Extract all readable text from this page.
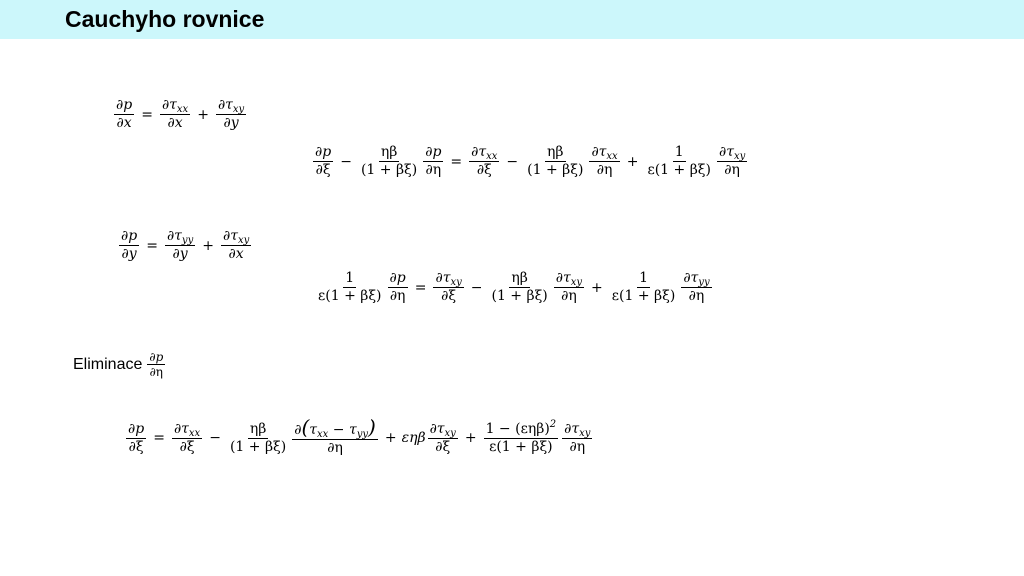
Cauchyho rovnice
$\frac{\partial p}{\partial x} = \frac{\partial\tau_{xx}}{\partial x} + \frac{\partial\tau_{xy}}{\partial y}$
$\frac{\partial p}{\partial\xi} - \frac{\eta\beta}{(1 + \beta\xi)} \frac{\partial p}{\partial\eta} = \frac{\partial\tau_{xx}}{\partial\xi} - \frac{\eta\beta}{(1 + \beta\xi)} \frac{\partial\tau_{xx}}{\partial\eta} + \frac{1}{\varepsilon(1 + \beta\xi)} \frac{\partial\tau_{xy}}{\partial\eta}$
$\frac{\partial p}{\partial y} = \frac{\partial\tau_{yy}}{\partial y} + \frac{\partial\tau_{xy}}{\partial x}$
$\frac{1}{\varepsilon(1 + \beta\xi)} \frac{\partial p}{\partial\eta} = \frac{\partial\tau_{xy}}{\partial\xi} - \frac{\eta\beta}{(1 + \beta\xi)} \frac{\partial\tau_{xy}}{\partial\eta} + \frac{1}{\varepsilon(1 + \beta\xi)} \frac{\partial\tau_{yy}}{\partial\eta}$
Eliminace $\frac{\partial p}{\partial\eta}$
$\frac{\partial p}{\partial\xi} = \frac{\partial\tau_{xx}}{\partial\xi} - \frac{\eta\beta}{(1 + \beta\xi)} \frac{\partial(\tau_{xx} - \tau_{yy})}{\partial\eta} + \varepsilon\eta\beta \frac{\partial\tau_{xy}}{\partial\xi} + \frac{1 - (\varepsilon\eta\beta)^2}{\varepsilon(1 + \beta\xi)} \frac{\partial\tau_{xy}}{\partial\eta}$
